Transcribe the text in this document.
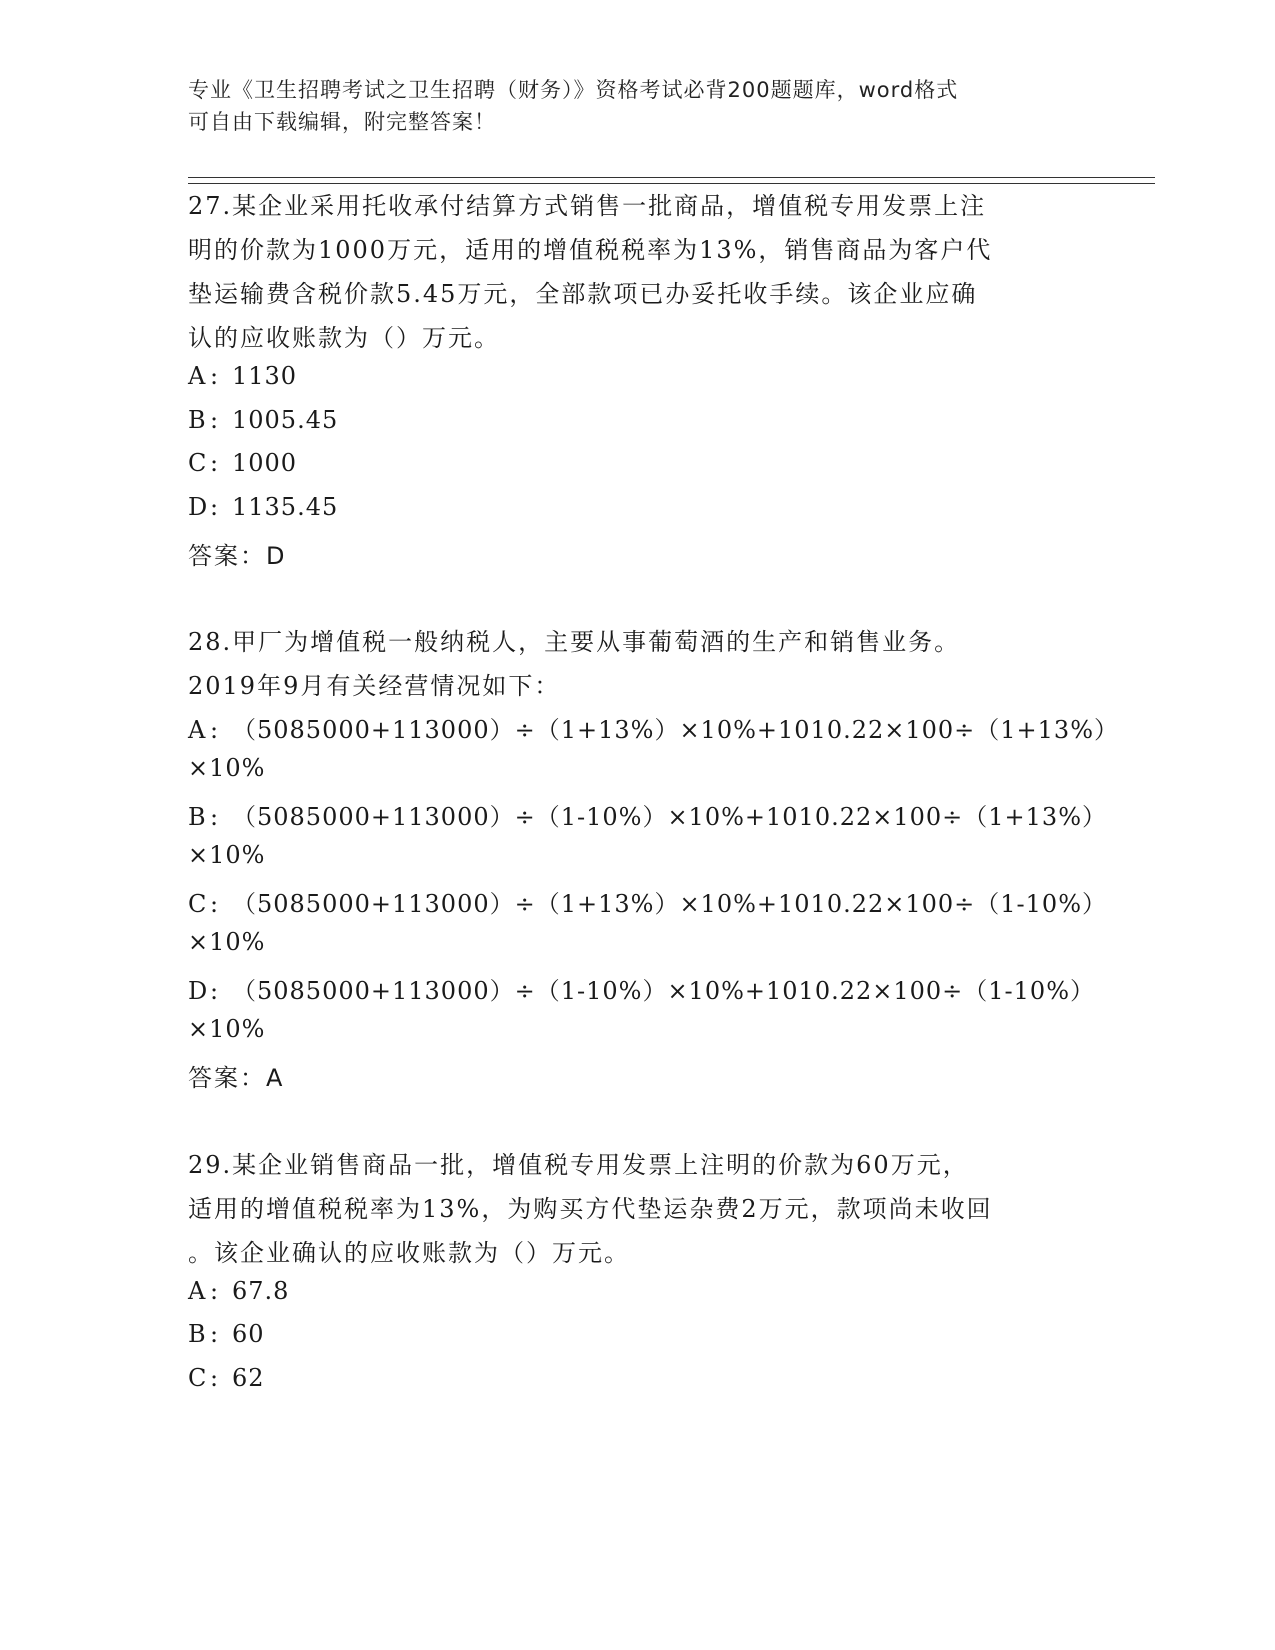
专业《卫生招聘考试之卫生招聘（财务）》资格考试必背200题题库，word格式
可自由下载编辑，附完整答案！
27.某企业采用托收承付结算方式销售一批商品，增值税专用发票上注
明的价款为1000万元，适用的增值税税率为13%，销售商品为客户代
垫运输费含税价款5.45万元，全部款项已办妥托收手续。该企业应确
认的应收账款为（）万元。
A : 1130
B : 1005.45
C : 1000
D: 1135.45
答案：D
28.甲厂为增值税一般纳税人，主要从事葡萄酒的生产和销售业务。
2019年9月有关经营情况如下：
A : （5085000+113000）÷（1+13%）×10%+1010.22×100÷（1+13%）
×10%
B : （5085000+113000）÷（1-10%）×10%+1010.22×100÷（1+13%）
×10%
C : （5085000+113000）÷（1+13%）×10%+1010.22×100÷（1-10%）
×10%
D: （5085000+113000）÷（1-10%）×10%+1010.22×100÷（1-10%）
×10%
答案：A
29.某企业销售商品一批，增值税专用发票上注明的价款为60万元，
适用的增值税税率为13%，为购买方代垫运杂费2万元，款项尚未收回
。该企业确认的应收账款为（）万元。
A : 67.8
B : 60
C : 62
